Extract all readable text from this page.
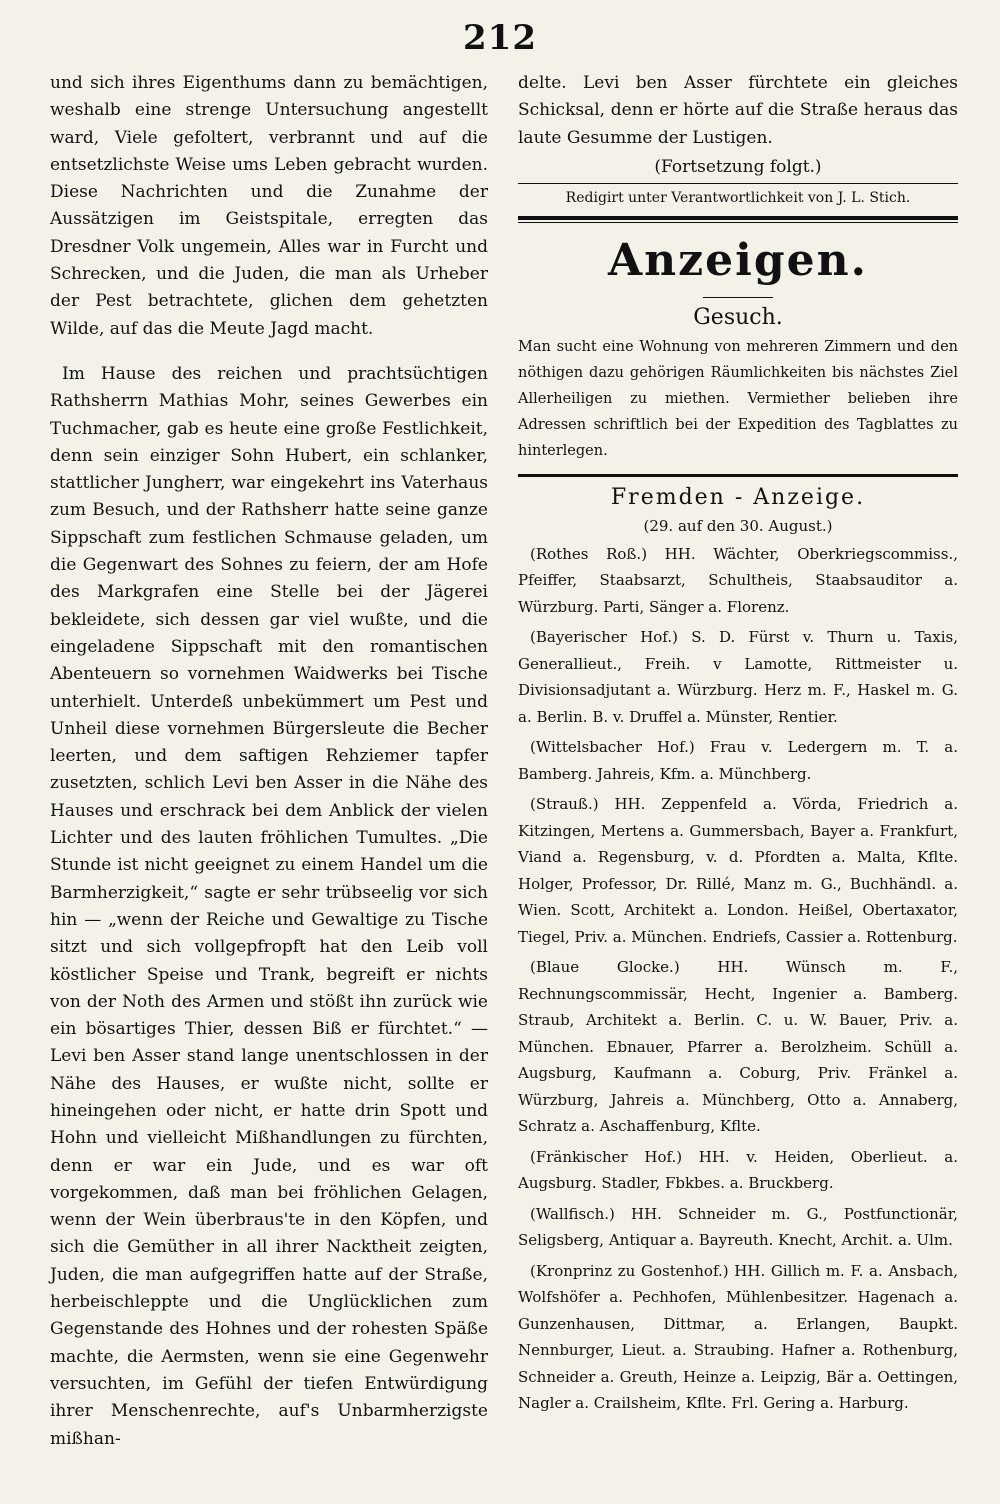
212

und sich ihres Eigenthums dann zu bemächtigen, weshalb eine strenge Untersuchung angestellt ward, Viele gefoltert, verbrannt und auf die entsetzlichste Weise ums Leben gebracht wurden. Diese Nachrichten und die Zunahme der Aussätzigen im Geistspitale, erregten das Dresdner Volk ungemein, Alles war in Furcht und Schrecken, und die Juden, die man als Urheber der Pest betrachtete, glichen dem gehetzten Wilde, auf das die Meute Jagd macht.

Im Hause des reichen und prachtsüchtigen Rathsherrn Mathias Mohr, seines Gewerbes ein Tuchmacher, gab es heute eine große Festlichkeit, denn sein einziger Sohn Hubert, ein schlanker, stattlicher Jungherr, war eingekehrt ins Vaterhaus zum Besuch, und der Rathsherr hatte seine ganze Sippschaft zum festlichen Schmause geladen, um die Gegenwart des Sohnes zu feiern, der am Hofe des Markgrafen eine Stelle bei der Jägerei bekleidete, sich dessen gar viel wußte, und die eingeladene Sippschaft mit den romantischen Abenteuern so vornehmen Waidwerks bei Tische unterhielt. Unterdeß unbekümmert um Pest und Unheil diese vornehmen Bürgersleute die Becher leerten, und dem saftigen Rehziemer tapfer zusetzten, schlich Levi ben Asser in die Nähe des Hauses und erschrack bei dem Anblick der vielen Lichter und des lauten fröhlichen Tumultes. „Die Stunde ist nicht geeignet zu einem Handel um die Barmherzigkeit,“ sagte er sehr trübseelig vor sich hin — „wenn der Reiche und Gewaltige zu Tische sitzt und sich vollgepfropft hat den Leib voll köstlicher Speise und Trank, begreift er nichts von der Noth des Armen und stößt ihn zurück wie ein bösartiges Thier, dessen Biß er fürchtet.“ — Levi ben Asser stand lange unentschlossen in der Nähe des Hauses, er wußte nicht, sollte er hineingehen oder nicht, er hatte drin Spott und Hohn und vielleicht Mißhandlungen zu fürchten, denn er war ein Jude, und es war oft vorgekommen, daß man bei fröhlichen Gelagen, wenn der Wein überbraus'te in den Köpfen, und sich die Gemüther in all ihrer Nacktheit zeigten, Juden, die man aufgegriffen hatte auf der Straße, herbeischleppte und die Unglücklichen zum Gegenstande des Hohnes und der rohesten Späße machte, die Aermsten, wenn sie eine Gegenwehr versuchten, im Gefühl der tiefen Entwürdigung ihrer Menschenrechte, auf's Unbarmherzigste mißhan-

delte. Levi ben Asser fürchtete ein gleiches Schicksal, denn er hörte auf die Straße heraus das laute Gesumme der Lustigen.

(Fortsetzung folgt.)

Redigirt unter Verantwortlichkeit von J. L. Stich.

Anzeigen.

Gesuch.

Man sucht eine Wohnung von mehreren Zimmern und den nöthigen dazu gehörigen Räumlichkeiten bis nächstes Ziel Allerheiligen zu miethen. Vermiether belieben ihre Adressen schriftlich bei der Expedition des Tagblattes zu hinterlegen.

Fremden - Anzeige.

(29. auf den 30. August.)

(Rothes Roß.) HH. Wächter, Oberkriegscommiss., Pfeiffer, Staabsarzt, Schultheis, Staabsauditor a. Würzburg. Parti, Sänger a. Florenz.

(Bayerischer Hof.) S. D. Fürst v. Thurn u. Taxis, Generallieut., Freih. v Lamotte, Rittmeister u. Divisionsadjutant a. Würzburg. Herz m. F., Haskel m. G. a. Berlin. B. v. Druffel a. Münster, Rentier.

(Wittelsbacher Hof.) Frau v. Ledergern m. T. a. Bamberg. Jahreis, Kfm. a. Münchberg.

(Strauß.) HH. Zeppenfeld a. Vörda, Friedrich a. Kitzingen, Mertens a. Gummersbach, Bayer a. Frankfurt, Viand a. Regensburg, v. d. Pfordten a. Malta, Kflte. Holger, Professor, Dr. Rillé, Manz m. G., Buchhändl. a. Wien. Scott, Architekt a. London. Heißel, Obertaxator, Tiegel, Priv. a. München. Endriefs, Cassier a. Rottenburg.

(Blaue Glocke.) HH. Wünsch m. F., Rechnungscommissär, Hecht, Ingenier a. Bamberg. Straub, Architekt a. Berlin. C. u. W. Bauer, Priv. a. München. Ebnauer, Pfarrer a. Berolzheim. Schüll a. Augsburg, Kaufmann a. Coburg, Priv. Fränkel a. Würzburg, Jahreis a. Münchberg, Otto a. Annaberg, Schratz a. Aschaffenburg, Kflte.

(Fränkischer Hof.) HH. v. Heiden, Oberlieut. a. Augsburg. Stadler, Fbkbes. a. Bruckberg.

(Wallfisch.) HH. Schneider m. G., Postfunctionär, Seligsberg, Antiquar a. Bayreuth. Knecht, Archit. a. Ulm.

(Kronprinz zu Gostenhof.) HH. Gillich m. F. a. Ansbach, Wolfshöfer a. Pechhofen, Mühlenbesitzer. Hagenach a. Gunzenhausen, Dittmar, a. Erlangen, Baupkt. Nennburger, Lieut. a. Straubing. Hafner a. Rothenburg, Schneider a. Greuth, Heinze a. Leipzig, Bär a. Oettingen, Nagler a. Crailsheim, Kflte. Frl. Gering a. Harburg.
